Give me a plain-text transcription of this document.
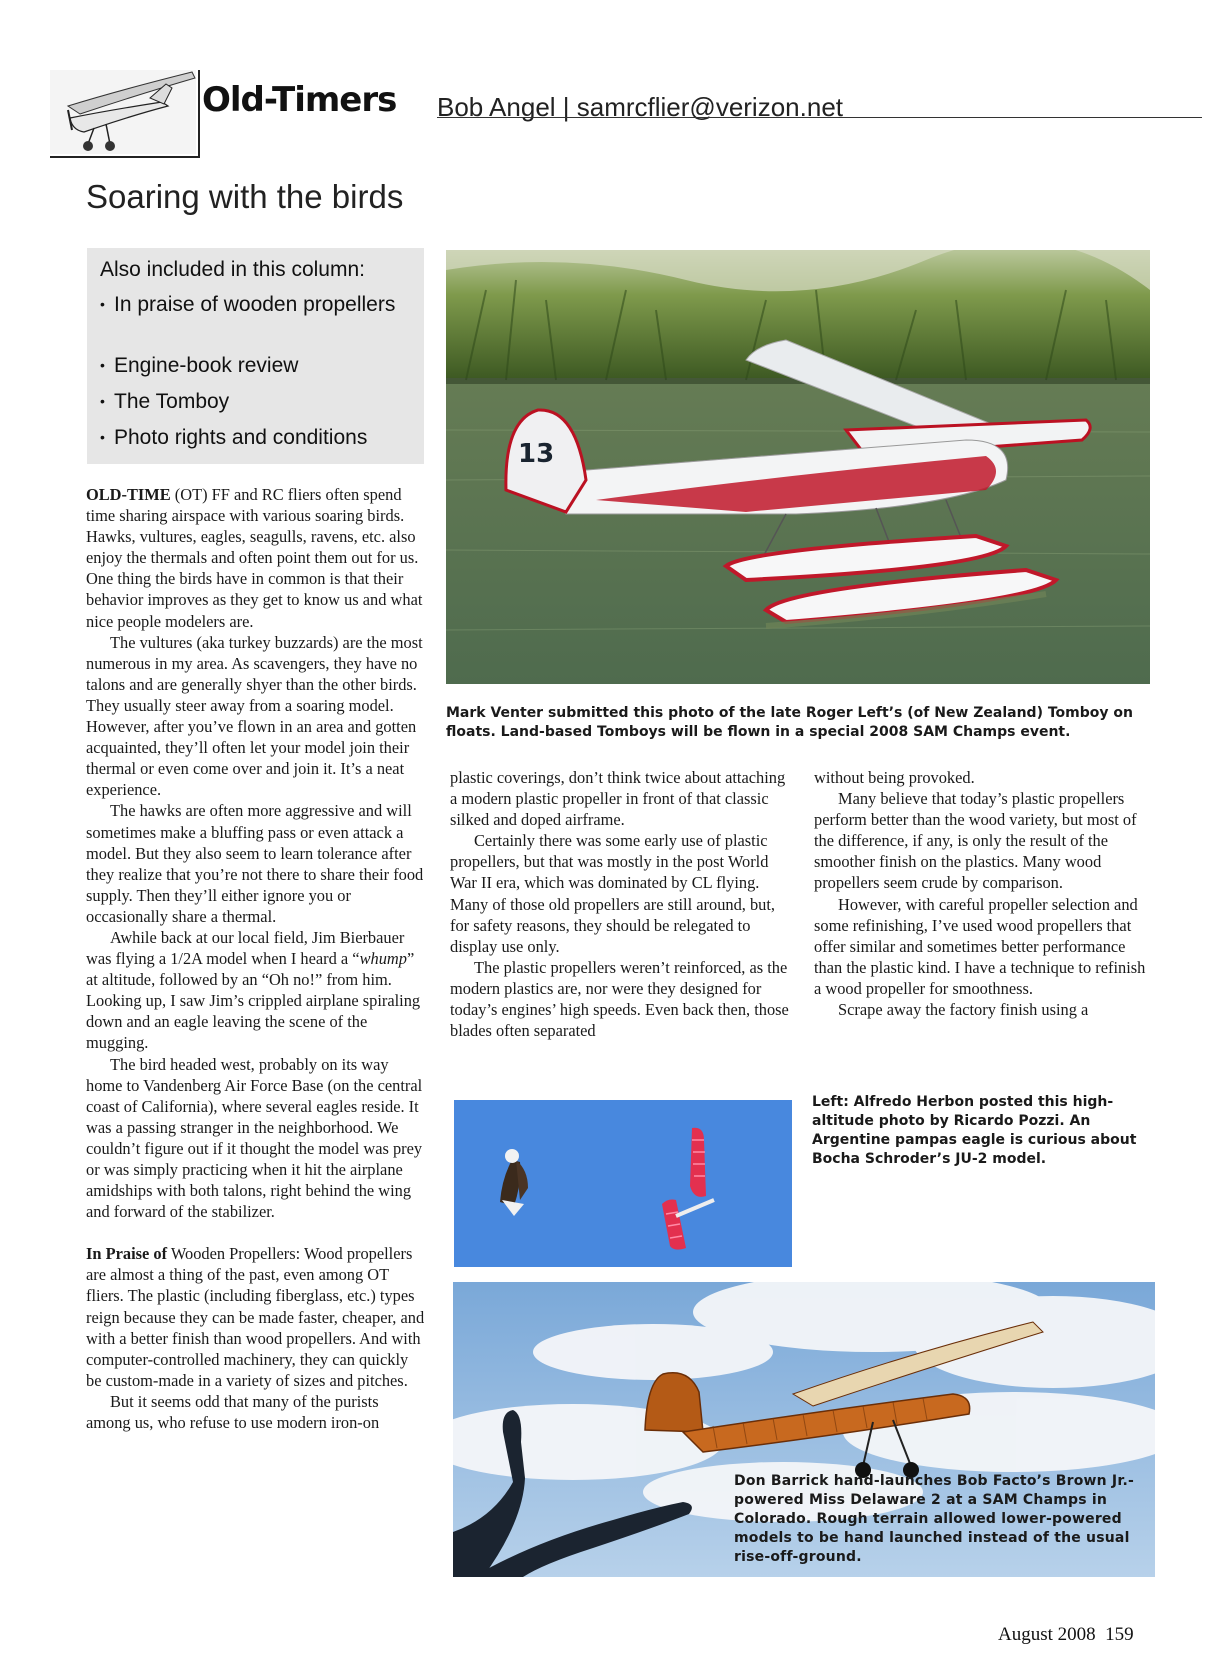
Old-Timers Bob Angel | samrcflier@verizon.net
Soaring with the birds
Also included in this column:
• In praise of wooden propellers
• Engine-book review
• The Tomboy
• Photo rights and conditions

OLD-TIME (OT) FF and RC fliers often spend time sharing airspace with various soaring birds. Hawks, vultures, eagles, seagulls, ravens, etc. also enjoy the thermals and often point them out for us. One thing the birds have in common is that their behavior improves as they get to know us and what nice people modelers are.

The vultures (aka turkey buzzards) are the most numerous in my area. As scavengers, they have no talons and are generally shyer than the other birds. They usually steer away from a soaring model. However, after you’ve flown in an area and gotten acquainted, they’ll often let your model join their thermal or even come over and join it. It’s a neat experience.

The hawks are often more aggressive and will sometimes make a bluffing pass or even attack a model. But they also seem to learn tolerance after they realize that you’re not there to share their food supply. Then they’ll either ignore you or occasionally share a thermal.

Awhile back at our local field, Jim Bierbauer was flying a 1/2A model when I heard a “whump” at altitude, followed by an “Oh no!” from him. Looking up, I saw Jim’s crippled airplane spiraling down and an eagle leaving the scene of the mugging.

The bird headed west, probably on its way home to Vandenberg Air Force Base (on the central coast of California), where several eagles reside. It was a passing stranger in the neighborhood. We couldn’t figure out if it thought the model was prey or was simply practicing when it hit the airplane amidships with both talons, right behind the wing and forward of the stabilizer.

In Praise of Wooden Propellers: Wood propellers are almost a thing of the past, even among OT fliers. The plastic (including fiberglass, etc.) types reign because they can be made faster, cheaper, and with a better finish than wood propellers. And with computer-controlled machinery, they can quickly be custom-made in a variety of sizes and pitches.

But it seems odd that many of the purists among us, who refuse to use modern iron-on

13
Mark Venter submitted this photo of the late Roger Left’s (of New Zealand) Tomboy on floats. Land-based Tomboys will be flown in a special 2008 SAM Champs event.

plastic coverings, don’t think twice about attaching a modern plastic propeller in front of that classic silked and doped airframe.

Certainly there was some early use of plastic propellers, but that was mostly in the post World War II era, which was dominated by CL flying. Many of those old propellers are still around, but, for safety reasons, they should be relegated to display use only.

The plastic propellers weren’t reinforced, as the modern plastics are, nor were they designed for today’s engines’ high speeds. Even back then, those blades often separated

without being provoked.

Many believe that today’s plastic propellers perform better than the wood variety, but most of the difference, if any, is only the result of the smoother finish on the plastics. Many wood propellers seem crude by comparison.

However, with careful propeller selection and some refinishing, I’ve used wood propellers that offer similar and sometimes better performance than the plastic kind. I have a technique to refinish a wood propeller for smoothness.

Scrape away the factory finish using a

Left: Alfredo Herbon posted this high-altitude photo by Ricardo Pozzi. An Argentine pampas eagle is curious about Bocha Schroder’s JU-2 model.
Don Barrick hand-launches Bob Facto’s Brown Jr.-powered Miss Delaware 2 at a SAM Champs in Colorado. Rough terrain allowed lower-powered models to be hand launched instead of the usual rise-off-ground.
August 2008 159
